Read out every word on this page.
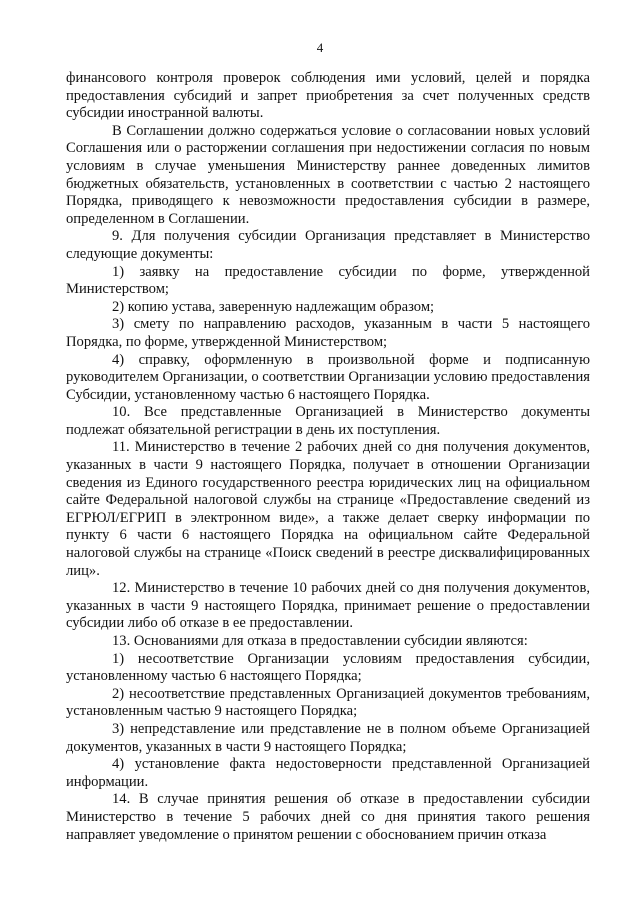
4

финансового контроля проверок соблюдения ими условий, целей и порядка предоставления субсидий и запрет приобретения за счет полученных средств субсидии иностранной валюты.

В Соглашении должно содержаться условие о согласовании новых условий Соглашения или о расторжении соглашения при недостижении согласия по новым условиям в случае уменьшения Министерству раннее доведенных лимитов бюджетных обязательств, установленных в соответствии с частью 2 настоящего Порядка, приводящего к невозможности предоставления субсидии в размере, определенном в Соглашении.

9. Для получения субсидии Организация представляет в Министерство следующие документы:

1) заявку на предоставление субсидии по форме, утвержденной Министерством;

2) копию устава, заверенную надлежащим образом;

3) смету по направлению расходов, указанным в части 5 настоящего Порядка, по форме, утвержденной Министерством;

4) справку, оформленную в произвольной форме и подписанную руководителем Организации, о соответствии Организации условию предоставления Субсидии, установленному частью 6 настоящего Порядка.

10. Все представленные Организацией в Министерство документы подлежат обязательной регистрации в день их поступления.

11. Министерство в течение 2 рабочих дней со дня получения документов, указанных в части 9 настоящего Порядка, получает в отношении Организации сведения из Единого государственного реестра юридических лиц на официальном сайте Федеральной налоговой службы на странице «Предоставление сведений из ЕГРЮЛ/ЕГРИП в электронном виде», а также делает сверку информации по пункту 6 части 6 настоящего Порядка на официальном сайте Федеральной налоговой службы на странице «Поиск сведений в реестре дисквалифицированных лиц».

12. Министерство в течение 10 рабочих дней со дня получения документов, указанных в части 9 настоящего Порядка, принимает решение о предоставлении субсидии либо об отказе в ее предоставлении.

13. Основаниями для отказа в предоставлении субсидии являются:

1) несоответствие Организации условиям предоставления субсидии, установленному частью 6 настоящего Порядка;

2) несоответствие представленных Организацией документов требованиям, установленным частью 9 настоящего Порядка;

3) непредставление или представление не в полном объеме Организацией документов, указанных в части 9 настоящего Порядка;

4) установление факта недостоверности представленной Организацией информации.

14. В случае принятия решения об отказе в предоставлении субсидии Министерство в течение 5 рабочих дней со дня принятия такого решения направляет уведомление о принятом решении с обоснованием причин отказа
